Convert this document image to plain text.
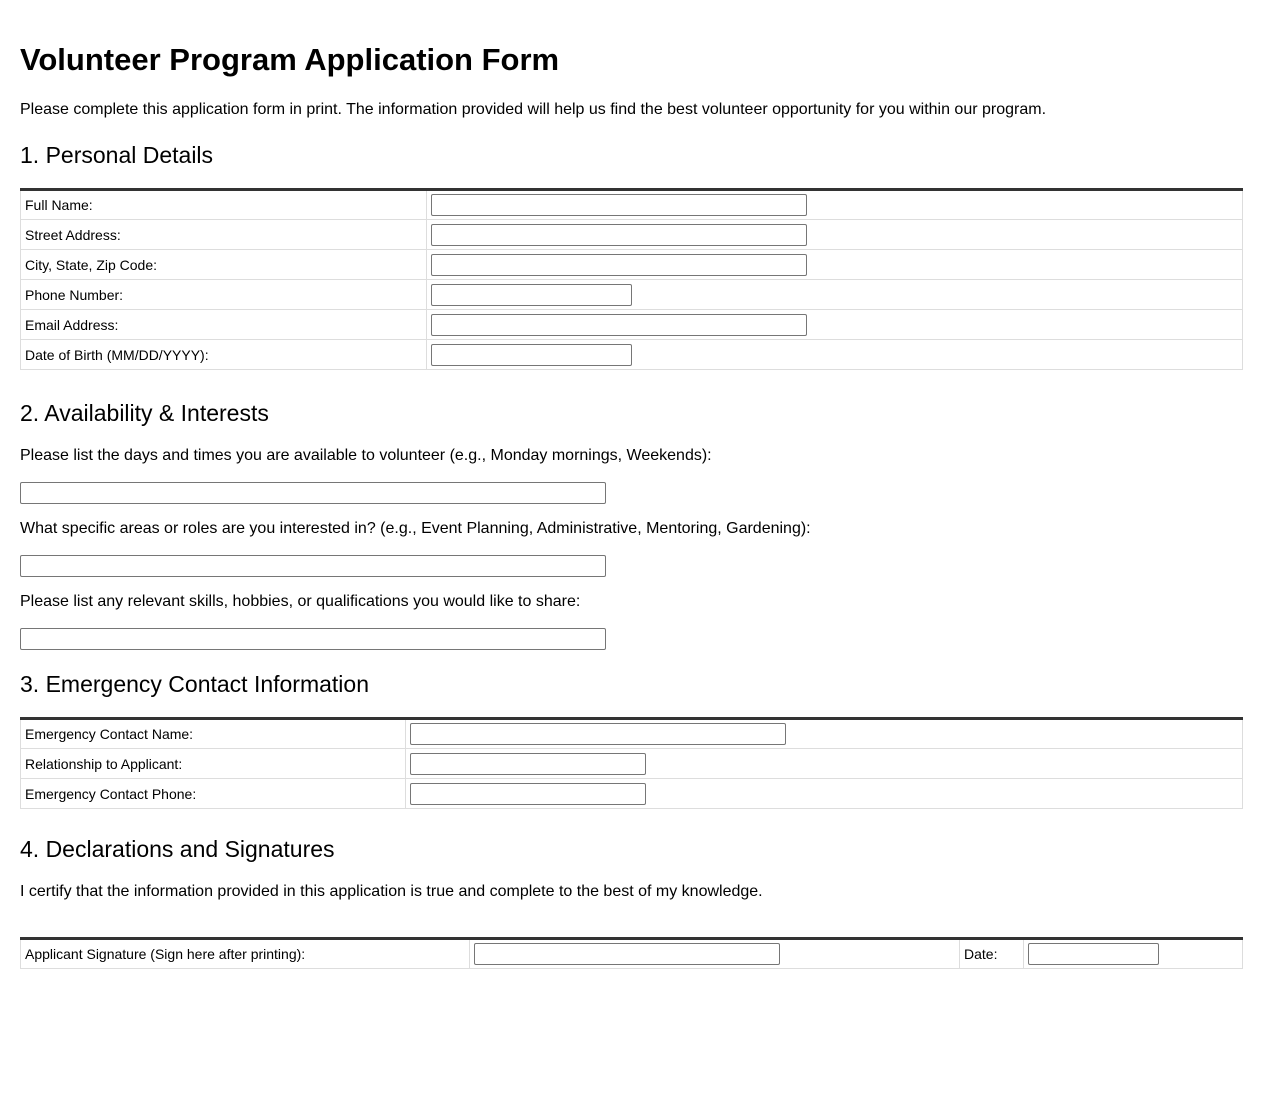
Volunteer Program Application Form

Please complete this application form in print. The information provided will help us find the best volunteer opportunity for you within our program.

1. Personal Details
Full Name:	

Street Address:	

City, State, Zip Code:	

Phone Number:	

Email Address:	

Date of Birth (MM/DD/YYYY):	
2. Availability & Interests

Please list the days and times you are available to volunteer (e.g., Monday mornings, Weekends):

What specific areas or roles are you interested in? (e.g., Event Planning, Administrative, Mentoring, Gardening):

Please list any relevant skills, hobbies, or qualifications you would like to share:

3. Emergency Contact Information
Emergency Contact Name:	

Relationship to Applicant:	

Emergency Contact Phone:	
4. Declarations and Signatures

I certify that the information provided in this application is true and complete to the best of my knowledge.

Applicant Signature (Sign here after printing):		Date:	
